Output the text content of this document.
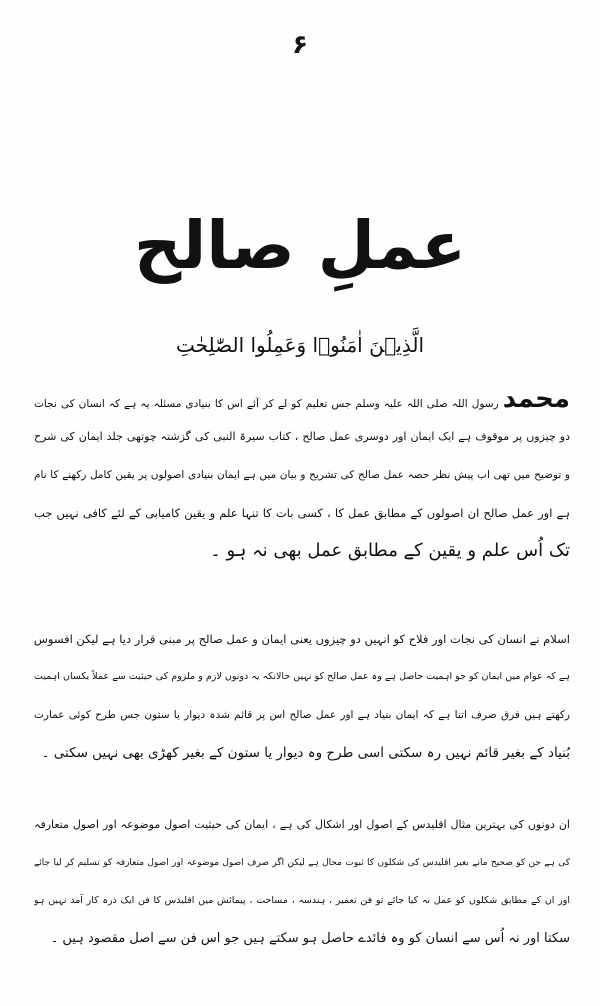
۶
عملِ صالح
الَّذِیۡنَ اٰمَنُوۡا وَعَمِلُوا الصّٰلِحٰتِ
محمد رسول اللہ صلی اللہ علیہ وسلم جس تعلیم کو لے کر آئے اس کا بنیادی مسئلہ یہ ہے کہ انسان کی نجات
دو چیزوں پر موقوف ہے ایک ایمان اور دوسری عمل صالح ، کتاب سیرۃ النبی کی گزشتہ چوتھی جلد ایمان کی شرح
و توضیح میں تھی اب پیش نظر حصہ عمل صالح کی تشریح و بیان میں ہے ایمان بنیادی اصولوں پر یقین کامل رکھنے کا نام
ہے اور عمل صالح ان اصولوں کے مطابق عمل کا ، کسی بات کا تنہا علم و یقین کامیابی کے لئے کافی نہیں جب
تک اُس علم و یقین کے مطابق عمل بھی نہ ہو ۔
اسلام نے انسان کی نجات اور فلاح کو انہیں دو چیزوں یعنی ایمان و عمل صالح پر مبنی قرار دیا ہے لیکن افسوس
ہے کہ عوام میں ایمان کو جو اہمیت حاصل ہے وہ عمل صالح کو نہیں حالانکہ یہ دونوں لازم و ملزوم کی حیثیت سے عملاً یکساں اہمیت
رکھتے ہیں فرق صرف اتنا ہے کہ ایمان بنیاد ہے اور عمل صالح اس پر قائم شدہ دیوار یا ستون جس طرح کوئی عمارت
بُنیاد کے بغیر قائم نہیں رہ سکتی اسی طرح وہ دیوار یا ستون کے بغیر کھڑی بھی نہیں سکتی ۔
ان دونوں کی بہترین مثال اقلیدس کے اصول اور اشکال کی ہے ، ایمان کی حیثیت اصول موضوعہ اور اصول متعارفہ
کی ہے جن کو صحیح مانے بغیر اقلیدس کی شکلوں کا ثبوت محال ہے لیکن اگر صرف اصول موضوعہ اور اصول متعارفہ کو تسلیم کر لیا جائے
اور ان کے مطابق شکلوں کو عمل نہ کیا جائے تو فن تعمیر ، ہندسہ ، مساحت ، پیمائش میں اقلیدس کا فن ایک ذرہ کار آمد نہیں ہو
سکتا اور نہ اُس سے انسان کو وہ فائدے حاصل ہو سکتے ہیں جو اس فن سے اصل مقصود ہیں ۔
